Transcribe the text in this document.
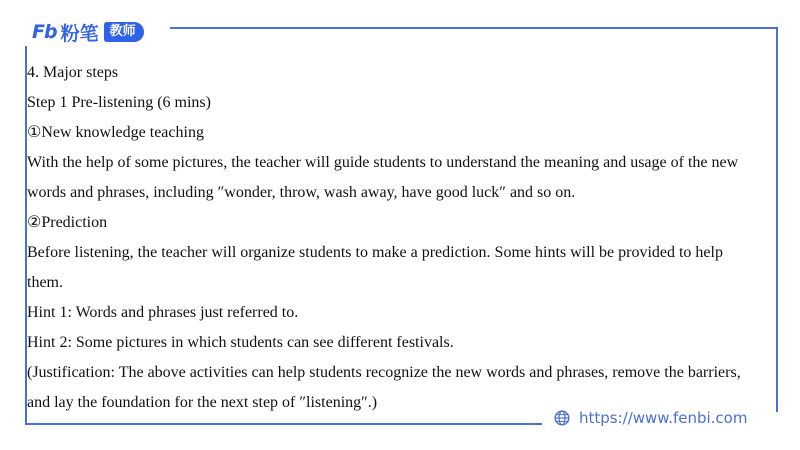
Fb 粉笔 教师
4. Major steps
Step 1 Pre-listening (6 mins)
①New knowledge teaching
With the help of some pictures, the teacher will guide students to understand the meaning and usage of the new
words and phrases, including ″wonder, throw, wash away, have good luck″ and so on.
②Prediction
Before listening, the teacher will organize students to make a prediction. Some hints will be provided to help
them.
Hint 1: Words and phrases just referred to.
Hint 2: Some pictures in which students can see different festivals.
(Justification: The above activities can help students recognize the new words and phrases, remove the barriers,
and lay the foundation for the next step of ″listening″.)
https://www.fenbi.com
